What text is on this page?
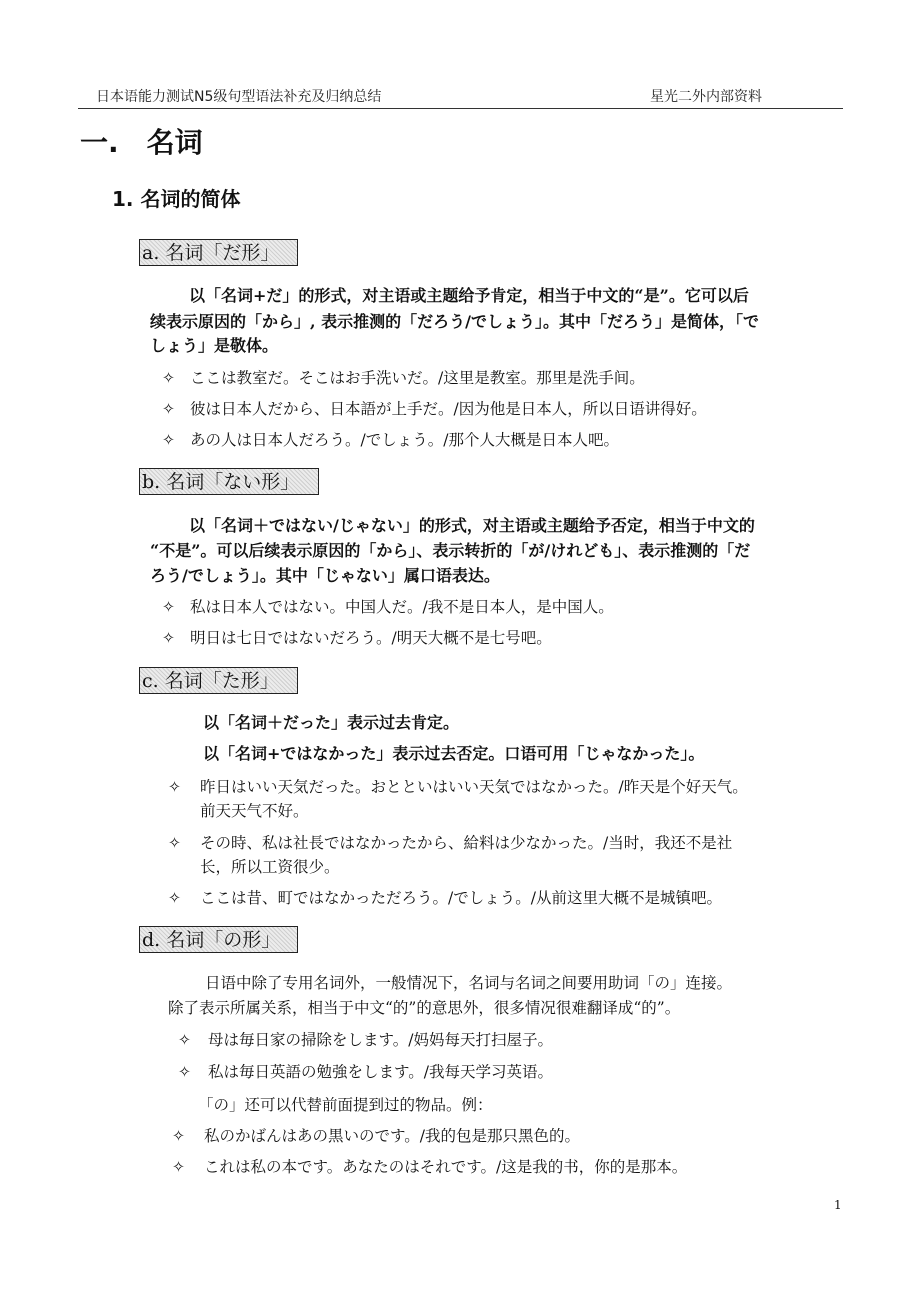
日本语能力测试N5级句型语法补充及归纳总结	星光二外内部资料
一.　名词
1. 名词的简体
a. 名词「だ形」
以「名词+だ」的形式，对主语或主题给予肯定，相当于中文的“是”。它可以后
续表示原因的「から」, 表示推测的「だろう/でしょう」。其中「だろう」是简体，「で
しょう」是敬体。
✧ ここは教室だ。そこはお手洗いだ。/这里是教室。那里是洗手间。
✧ 彼は日本人だから、日本語が上手だ。/因为他是日本人，所以日语讲得好。
✧ あの人は日本人だろう。/でしょう。/那个人大概是日本人吧。
b. 名词「ない形」
以「名词＋ではない/じゃない」的形式，对主语或主题给予否定，相当于中文的
“不是”。可以后续表示原因的「から」、表示转折的「が/けれども」、表示推测的「だ
ろう/でしょう」。其中「じゃない」属口语表达。
✧ 私は日本人ではない。中国人だ。/我不是日本人，是中国人。
✧ 明日は七日ではないだろう。/明天大概不是七号吧。
c. 名词「た形」
以「名词＋だった」表示过去肯定。
以「名词+ではなかった」表示过去否定。口语可用「じゃなかった」。
✧ 昨日はいい天気だった。おとといはいい天気ではなかった。/昨天是个好天气。
前天天气不好。
✧ その時、私は社長ではなかったから、給料は少なかった。/当时，我还不是社
长，所以工资很少。
✧ ここは昔、町ではなかっただろう。/でしょう。/从前这里大概不是城镇吧。
d. 名词「の形」
日语中除了专用名词外，一般情况下，名词与名词之间要用助词「の」连接。
除了表示所属关系，相当于中文“的”的意思外，很多情况很难翻译成“的”。
✧ 母は毎日家の掃除をします。/妈妈每天打扫屋子。
✧ 私は毎日英語の勉強をします。/我每天学习英语。
「の」还可以代替前面提到过的物品。例：
✧ 私のかばんはあの黒いのです。/我的包是那只黑色的。
✧ これは私の本です。あなたのはそれです。/这是我的书，你的是那本。
1
